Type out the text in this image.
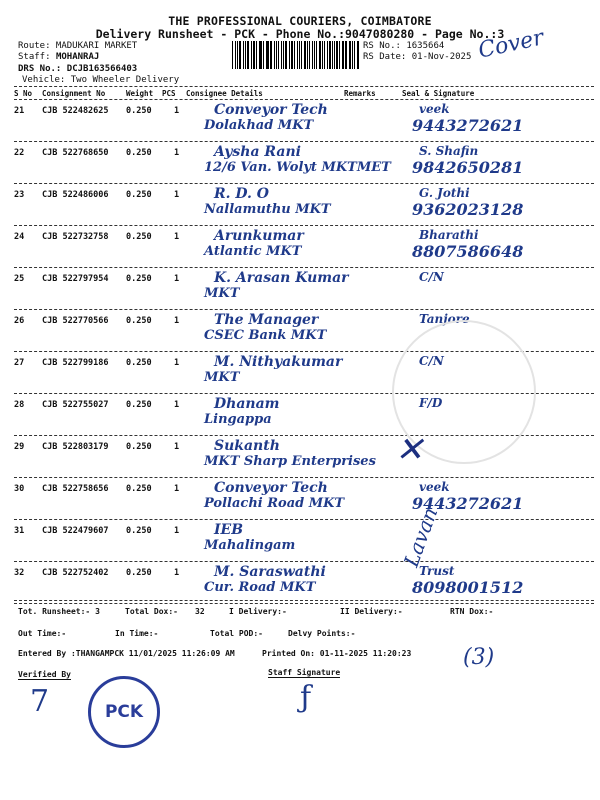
THE PROFESSIONAL COURIERS, COIMBATORE
Delivery Runsheet - PCK - Phone No.:9047080280 - Page No.:3
Route: MADUKARI MARKET
Staff: MOHANRAJ
DRS No.: DCJB163566403
Vehicle: Two Wheeler Delivery
RS No.: 1635664
RS Date: 01-Nov-2025 Cover
S No Consignment No	Weight PCS Consignee Details	Remarks	Seal & Signature
21 CJB 522482625 0.250	1 Conveyor Tech
Dolakhad MKT
veek
9443272621
22 CJB 522768650 0.250	1 Aysha Rani
12/6 Van. Wolyt MKTMET
S. Shafin
9842650281
23 CJB 522486006 0.250	1 R. D. O
Nallamuthu MKT
G. Jothi
9362023128
24 CJB 522732758 0.250	1 Arunkumar
Atlantic MKT
Bharathi
8807586648
25 CJB 522797954 0.250	1 K. Arasan Kumar
MKT
C/N
26 CJB 522770566 0.250	1 The Manager
CSEC Bank MKT
Tanjore
27 CJB 522799186 0.250	1 M. Nithyakumar
MKT
C/N
28 CJB 522755027 0.250	1 Dhanam
Lingappa
F/D
29 CJB 522803179 0.250	1 Sukanth
MKT Sharp Enterprises
30 CJB 522758656 0.250	1 Conveyor Tech
Pollachi Road MKT
veek
9443272621
31 CJB 522479607 0.250	1 IEB
Mahalingam
32 CJB 522752402 0.250	1 M. Saraswathi
Cur. Road MKT
Trust
8098001512
✕
Lavan
Tot. Runsheet:- 3	Total Dox:- 32	I Delivery:-	II Delivery:-	RTN Dox:-
Out Time:-	In Time:-	Total POD:-	Delvy Points:-
Entered By :THANGAMPCK 11/01/2025 11:26:09 AM	Printed On: 01-11-2025 11:20:23 (3)
Verified By	Staff Signature
7	ƒ
PCK
